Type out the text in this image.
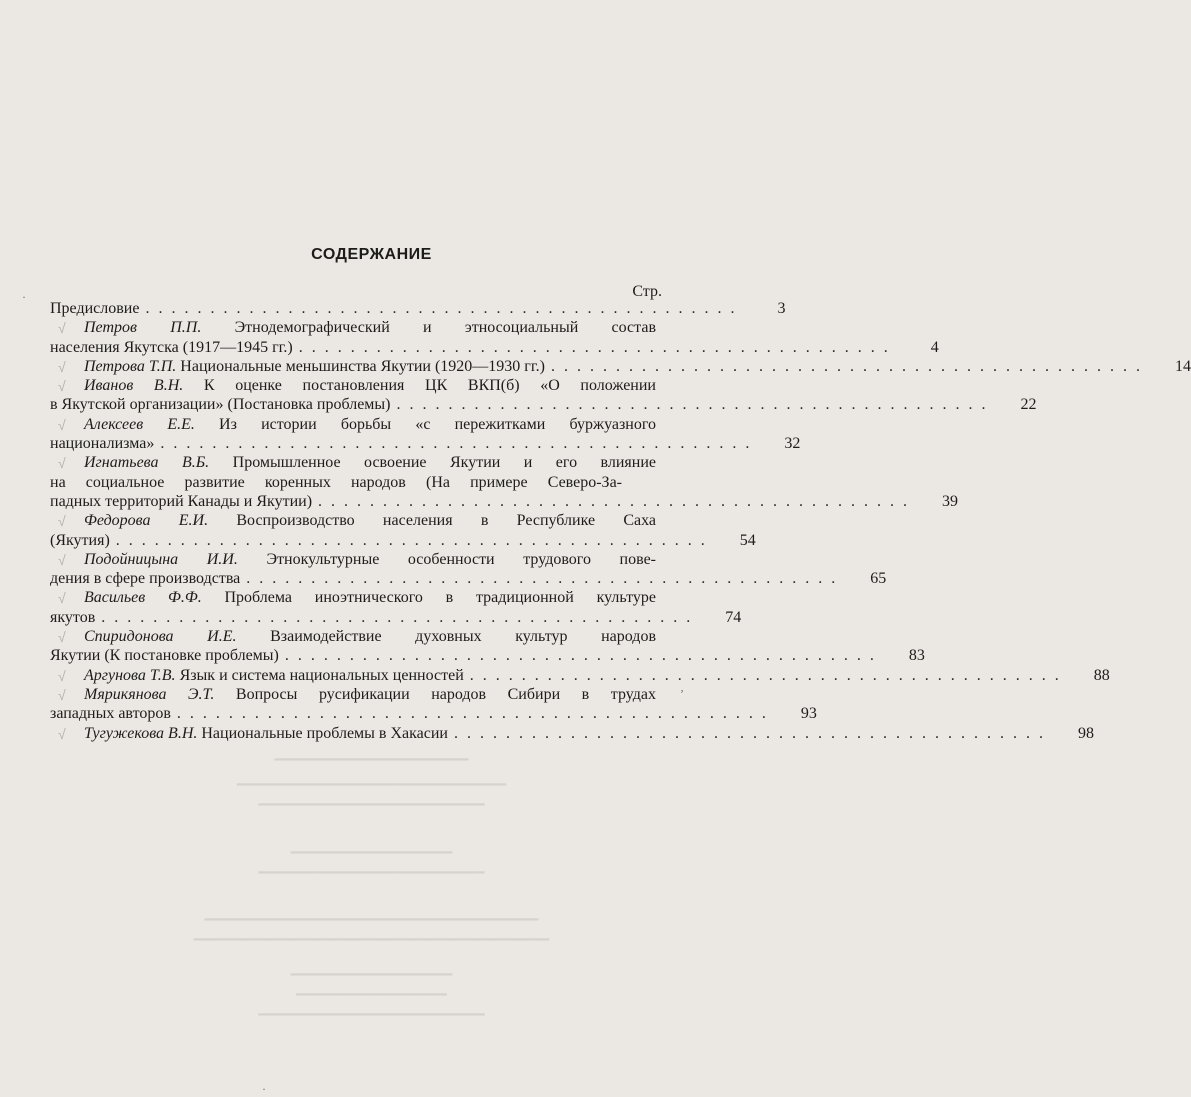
СОДЕРЖАНИЕ
Стр.
Предисловие ..............................................	3
√	Петров П.П. Этнодемографический и этносоциальный состав
населения Якутска (1917—1945 гг.) ..............................................	4
√	Петрова Т.П. Национальные меньшинства Якутии (1920—1930 гг.) ..............................................	14
√	Иванов В.Н. К оценке постановления ЦК ВКП(б) «О положении
в Якутской организации» (Постановка проблемы) ..............................................	22
√	Алексеев Е.Е. Из истории борьбы «с пережитками буржуазного
национализма» ..............................................	32
√	Игнатьева В.Б. Промышленное освоение Якутии и его влияние
на социальное развитие коренных народов (На примере Северо-За-
падных территорий Канады и Якутии) ..............................................	39
√	Федорова Е.И. Воспроизводство населения в Республике Саха
(Якутия) ..............................................	54
√	Подойницына И.И. Этнокультурные особенности трудового пове-
дения в сфере производства ..............................................	65
√	Васильев Ф.Ф. Проблема иноэтнического в традиционной культуре
якутов ..............................................	74
√	Спиридонова И.Е. Взаимодействие духовных культур народов
Якутии (К постановке проблемы) ..............................................	83
√	Аргунова Т.В. Язык и система национальных ценностей ..............................................	88
√	Мярикянова Э.Т. Вопросы русификации народов Сибири в трудах
западных авторов ..............................................	93
√	Тугужекова В.Н. Национальные проблемы в Хакасии ..............................................	98
▁▁▁▁▁▁▁▁▁▁▁▁▁▁▁▁▁▁
▁▁▁▁▁▁▁▁▁▁▁▁▁▁▁▁▁▁▁▁▁▁▁▁▁
▁▁▁▁▁▁▁▁▁▁▁▁▁▁▁▁▁▁▁▁▁
▁▁▁▁▁▁▁▁▁▁▁▁▁▁▁
▁▁▁▁▁▁▁▁▁▁▁▁▁▁▁▁▁▁▁▁▁
▁▁▁▁▁▁▁▁▁▁▁▁▁▁▁▁▁▁▁▁▁▁▁▁▁▁▁▁▁▁▁
▁▁▁▁▁▁▁▁▁▁▁▁▁▁▁▁▁▁▁▁▁▁▁▁▁▁▁▁▁▁▁▁▁
▁▁▁▁▁▁▁▁▁▁▁▁▁▁▁
▁▁▁▁▁▁▁▁▁▁▁▁▁▁
▁▁▁▁▁▁▁▁▁▁▁▁▁▁▁▁▁▁▁▁▁
·
‚
·
